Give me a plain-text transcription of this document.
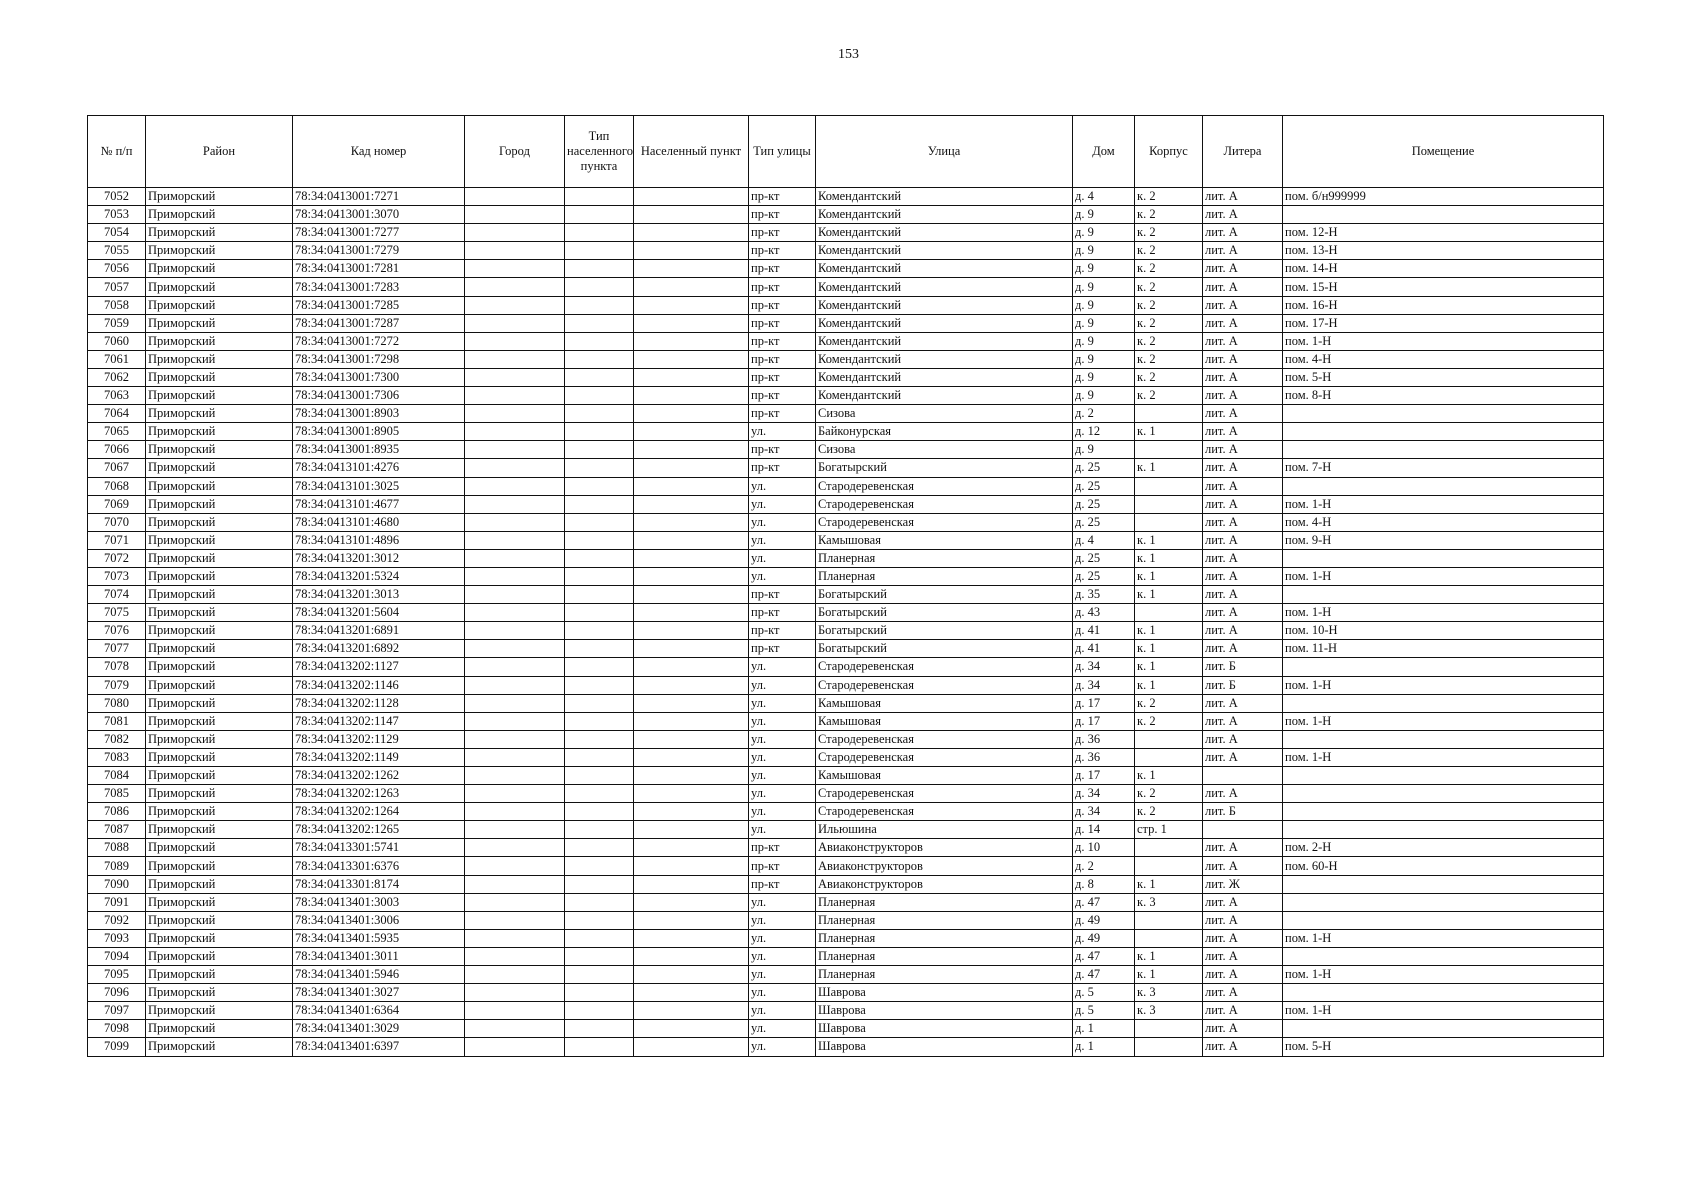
153
№ п/п	Район	Кад номер	Город	Тип населенного пункта	Населенный пункт	Тип улицы	Улица	Дом	Корпус	Литера	Помещение
7052	Приморский	78:34:0413001:7271				пр-кт	Комендантский	д. 4	к. 2	лит. А	пом. б/н999999
7053	Приморский	78:34:0413001:3070				пр-кт	Комендантский	д. 9	к. 2	лит. А	
7054	Приморский	78:34:0413001:7277				пр-кт	Комендантский	д. 9	к. 2	лит. А	пом. 12-Н
7055	Приморский	78:34:0413001:7279				пр-кт	Комендантский	д. 9	к. 2	лит. А	пом. 13-Н
7056	Приморский	78:34:0413001:7281				пр-кт	Комендантский	д. 9	к. 2	лит. А	пом. 14-Н
7057	Приморский	78:34:0413001:7283				пр-кт	Комендантский	д. 9	к. 2	лит. А	пом. 15-Н
7058	Приморский	78:34:0413001:7285				пр-кт	Комендантский	д. 9	к. 2	лит. А	пом. 16-Н
7059	Приморский	78:34:0413001:7287				пр-кт	Комендантский	д. 9	к. 2	лит. А	пом. 17-Н
7060	Приморский	78:34:0413001:7272				пр-кт	Комендантский	д. 9	к. 2	лит. А	пом. 1-Н
7061	Приморский	78:34:0413001:7298				пр-кт	Комендантский	д. 9	к. 2	лит. А	пом. 4-Н
7062	Приморский	78:34:0413001:7300				пр-кт	Комендантский	д. 9	к. 2	лит. А	пом. 5-Н
7063	Приморский	78:34:0413001:7306				пр-кт	Комендантский	д. 9	к. 2	лит. А	пом. 8-Н
7064	Приморский	78:34:0413001:8903				пр-кт	Сизова	д. 2		лит. А	
7065	Приморский	78:34:0413001:8905				ул.	Байконурская	д. 12	к. 1	лит. А	
7066	Приморский	78:34:0413001:8935				пр-кт	Сизова	д. 9		лит. А	
7067	Приморский	78:34:0413101:4276				пр-кт	Богатырский	д. 25	к. 1	лит. А	пом. 7-Н
7068	Приморский	78:34:0413101:3025				ул.	Стародеревенская	д. 25		лит. А	
7069	Приморский	78:34:0413101:4677				ул.	Стародеревенская	д. 25		лит. А	пом. 1-Н
7070	Приморский	78:34:0413101:4680				ул.	Стародеревенская	д. 25		лит. А	пом. 4-Н
7071	Приморский	78:34:0413101:4896				ул.	Камышовая	д. 4	к. 1	лит. А	пом. 9-Н
7072	Приморский	78:34:0413201:3012				ул.	Планерная	д. 25	к. 1	лит. А	
7073	Приморский	78:34:0413201:5324				ул.	Планерная	д. 25	к. 1	лит. А	пом. 1-Н
7074	Приморский	78:34:0413201:3013				пр-кт	Богатырский	д. 35	к. 1	лит. А	
7075	Приморский	78:34:0413201:5604				пр-кт	Богатырский	д. 43		лит. А	пом. 1-Н
7076	Приморский	78:34:0413201:6891				пр-кт	Богатырский	д. 41	к. 1	лит. А	пом. 10-Н
7077	Приморский	78:34:0413201:6892				пр-кт	Богатырский	д. 41	к. 1	лит. А	пом. 11-Н
7078	Приморский	78:34:0413202:1127				ул.	Стародеревенская	д. 34	к. 1	лит. Б	
7079	Приморский	78:34:0413202:1146				ул.	Стародеревенская	д. 34	к. 1	лит. Б	пом. 1-Н
7080	Приморский	78:34:0413202:1128				ул.	Камышовая	д. 17	к. 2	лит. А	
7081	Приморский	78:34:0413202:1147				ул.	Камышовая	д. 17	к. 2	лит. А	пом. 1-Н
7082	Приморский	78:34:0413202:1129				ул.	Стародеревенская	д. 36		лит. А	
7083	Приморский	78:34:0413202:1149				ул.	Стародеревенская	д. 36		лит. А	пом. 1-Н
7084	Приморский	78:34:0413202:1262				ул.	Камышовая	д. 17	к. 1		
7085	Приморский	78:34:0413202:1263				ул.	Стародеревенская	д. 34	к. 2	лит. А	
7086	Приморский	78:34:0413202:1264				ул.	Стародеревенская	д. 34	к. 2	лит. Б	
7087	Приморский	78:34:0413202:1265				ул.	Ильюшина	д. 14	стр. 1		
7088	Приморский	78:34:0413301:5741				пр-кт	Авиаконструкторов	д. 10		лит. А	пом. 2-Н
7089	Приморский	78:34:0413301:6376				пр-кт	Авиаконструкторов	д. 2		лит. А	пом. 60-Н
7090	Приморский	78:34:0413301:8174				пр-кт	Авиаконструкторов	д. 8	к. 1	лит. Ж	
7091	Приморский	78:34:0413401:3003				ул.	Планерная	д. 47	к. 3	лит. А	
7092	Приморский	78:34:0413401:3006				ул.	Планерная	д. 49		лит. А	
7093	Приморский	78:34:0413401:5935				ул.	Планерная	д. 49		лит. А	пом. 1-Н
7094	Приморский	78:34:0413401:3011				ул.	Планерная	д. 47	к. 1	лит. А	
7095	Приморский	78:34:0413401:5946				ул.	Планерная	д. 47	к. 1	лит. А	пом. 1-Н
7096	Приморский	78:34:0413401:3027				ул.	Шаврова	д. 5	к. 3	лит. А	
7097	Приморский	78:34:0413401:6364				ул.	Шаврова	д. 5	к. 3	лит. А	пом. 1-Н
7098	Приморский	78:34:0413401:3029				ул.	Шаврова	д. 1		лит. А	
7099	Приморский	78:34:0413401:6397				ул.	Шаврова	д. 1		лит. А	пом. 5-Н
